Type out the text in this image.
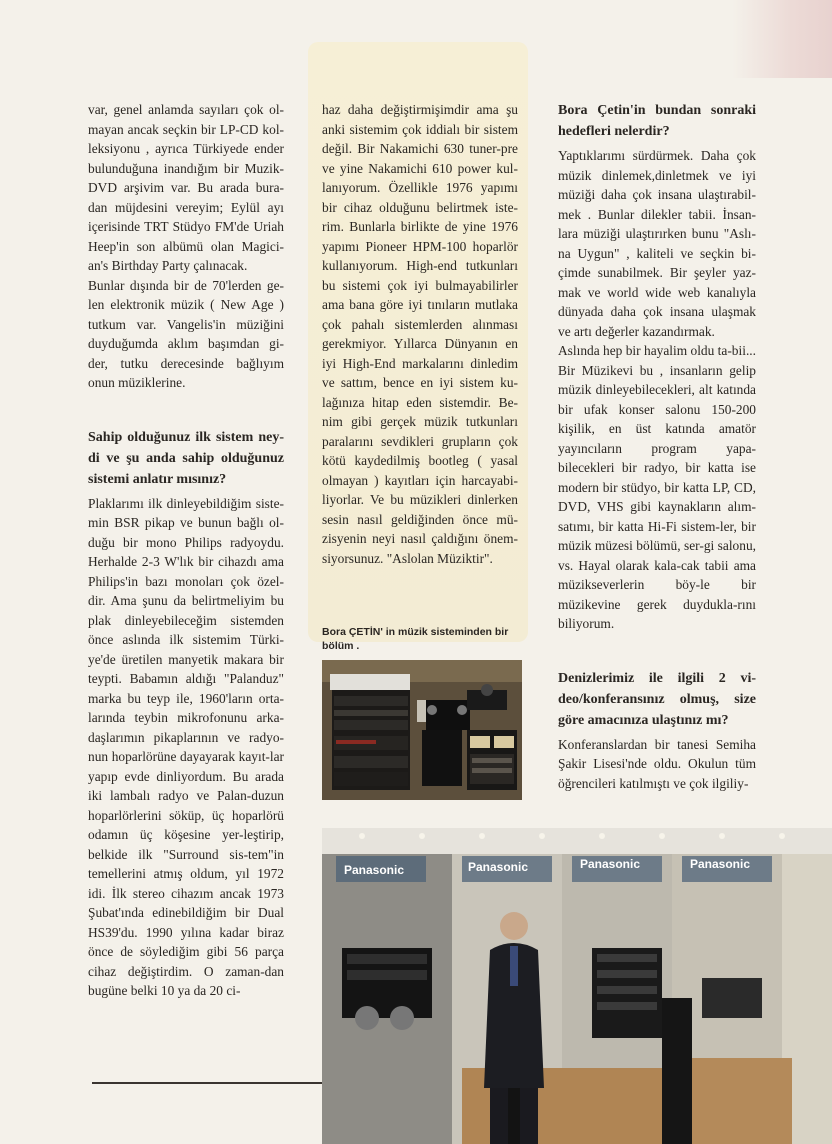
var, genel anlamda sayıları çok ol-mayan ancak seçkin bir LP-CD kol-leksiyonu , ayrıca Türkiyede ender bulunduğuna inandığım bir Muzik-DVD arşivim var. Bu arada bura-dan müjdesini vereyim; Eylül ayı içerisinde TRT Stüdyo FM'de Uriah Heep'in son albümü olan Magici-an's Birthday Party çalınacak.

Bunlar dışında bir de 70'lerden ge-len elektronik müzik ( New Age ) tutkum var. Vangelis'in müziğini duyduğumda aklım başımdan gi-der, tutku derecesinde bağlıyım onun müziklerine.

Sahip olduğunuz ilk sistem ney-di ve şu anda sahip olduğunuz sistemi anlatır mısınız?

Plaklarımı ilk dinleyebildiğim siste-min BSR pikap ve bunun bağlı ol-duğu bir mono Philips radyoydu. Herhalde 2-3 W'lık bir cihazdı ama Philips'in bazı monoları çok özel-dir. Ama şunu da belirtmeliyim bu plak dinleyebileceğim sistemden önce aslında ilk sistemim Türki-ye'de üretilen manyetik makara bir teypti. Babamın aldığı "Palanduz" marka bu teyp ile, 1960'ların orta-larında teybin mikrofonunu arka-daşlarımın pikaplarının ve radyo-nun hoparlörüne dayayarak kayıt-lar yapıp evde dinliyordum. Bu arada iki lambalı radyo ve Palan-duzun hoparlörlerini söküp, üç hoparlörü odamın üç köşesine yer-leştirip, belkide ilk "Surround sis-tem"in temellerini atmış oldum, yıl 1972 idi. İlk stereo cihazım ancak 1973 Şubat'ında edinebildiğim bir Dual HS39'du. 1990 yılına kadar biraz önce de söylediğim gibi 56 parça cihaz değiştirdim. O zaman-dan bugüne belki 10 ya da 20 ci-

haz daha değiştirmişimdir ama şu anki sistemim çok iddialı bir sistem değil. Bir Nakamichi 630 tuner-pre ve yine Nakamichi 610 power kul-lanıyorum. Özellikle 1976 yapımı bir cihaz olduğunu belirtmek iste-rim. Bunlarla birlikte de yine 1976 yapımı Pioneer HPM-100 hoparlör kullanıyorum. High-end tutkunları bu sistemi çok iyi bulmayabilirler ama bana göre iyi tınıların mutlaka çok pahalı sistemlerden alınması gerekmiyor. Yıllarca Dünyanın en iyi High-End markalarını dinledim ve sattım, bence en iyi sistem ku-lağınıza hitap eden sistemdir. Be-nim gibi gerçek müzik tutkunları paralarını sevdikleri grupların çok kötü kaydedilmiş bootleg ( yasal olmayan ) kayıtları için harcayabi-liyorlar. Ve bu müzikleri dinlerken sesin nasıl geldiğinden önce mü-zisyenin neyi nasıl çaldığını önem-siyorsunuz. "Aslolan Müziktir".

Bora ÇETİN' in müzik sisteminden bir bölüm .

Bora Çetin'in bundan sonraki hedefleri nelerdir?

Yaptıklarımı sürdürmek. Daha çok müzik dinlemek,dinletmek ve iyi müziği daha çok insana ulaştırabil-mek . Bunlar dilekler tabii. İnsan-lara müziği ulaştırırken bunu "Aslı-na Uygun" , kaliteli ve seçkin bi-çimde sunabilmek. Bir şeyler yaz-mak ve world wide web kanalıyla dünyada daha çok insana ulaşmak ve artı değerler kazandırmak.

Aslında hep bir hayalim oldu ta-bii... Bir Müzikevi bu , insanların gelip müzik dinleyebilecekleri, alt katında bir ufak konser salonu 150-200 kişilik, en üst katında amatör yayıncıların program yapa-bilecekleri bir radyo, bir katta ise modern bir stüdyo, bir katta LP, CD, DVD, VHS gibi kaynakların alım-satımı, bir katta Hi-Fi sistem-ler, bir müzik müzesi bölümü, ser-gi salonu, vs. Hayal olarak kala-cak tabii ama müzikseverlerin böy-le bir müzikevine gerek duydukla-rını biliyorum.

Denizlerimiz ile ilgili 2 vi-deo/konferansınız olmuş, size göre amacınıza ulaştınız mı?

Konferanslardan bir tanesi Semiha Şakir Lisesi'nde oldu. Okulun tüm öğrencileri katılmıştı ve çok ilgiliy-

Panasonic	Panasonic	Panasonic	Panasonic
